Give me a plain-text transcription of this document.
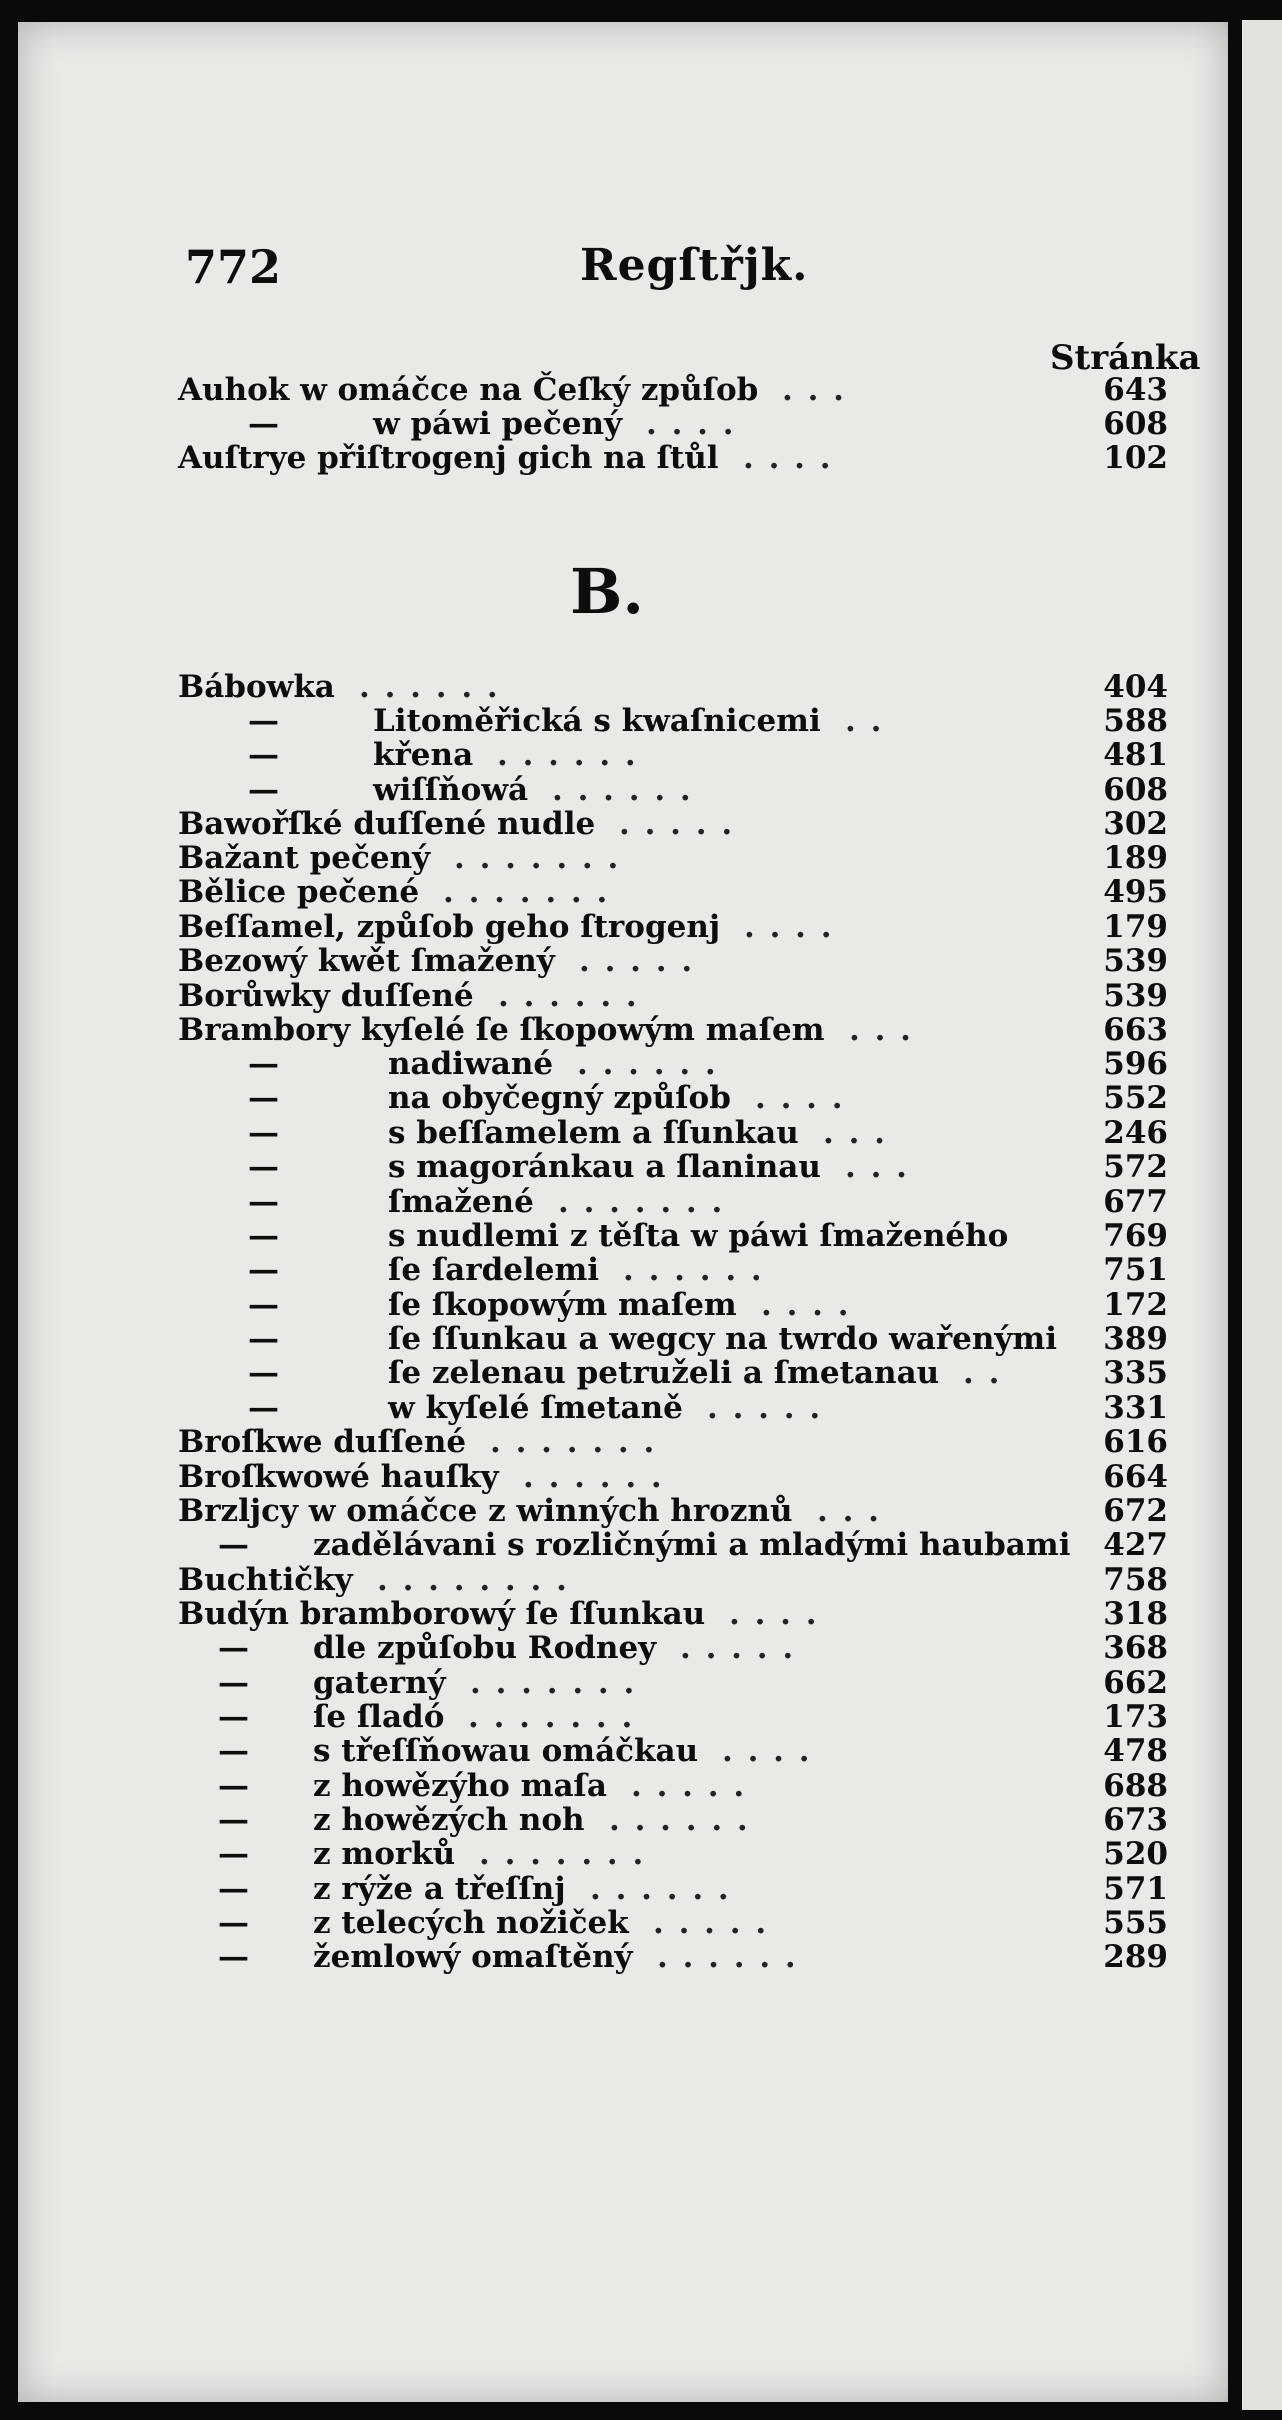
772	Regſtřjk.
Stránka
B.
Auhok w omáčce na Čeſký způſob . . .	643
—	w páwi pečený . . . .	608
Auſtrye přiſtrogenj gich na ſtůl . . . .	102
Bábowka . . . . . .	404
—	Litoměřická s kwaſnicemi . .	588
—	křena . . . . . .	481
—	wiſſňowá . . . . . .	608
Bawořſké duſſené nudle . . . . .	302
Bažant pečený . . . . . . .	189
Bělice pečené . . . . . . .	495
Beſſamel, způſob geho ſtrogenj . . . .	179
Bezowý kwět ſmažený . . . . .	539
Borůwky duſſené . . . . . .	539
Brambory kyſelé ſe ſkopowým maſem . . .	663
—	nadiwané . . . . . .	596
—	na obyčegný způſob . . . .	552
—	s beſſamelem a ſſunkau . . .	246
—	s magoránkau a ſlaninau . . .	572
—	ſmažené . . . . . . .	677
—	s nudlemi z těſta w páwi ſmaženého	769
—	ſe ſardelemi . . . . . .	751
—	ſe ſkopowým maſem . . . .	172
—	ſe ſſunkau a wegcy na twrdo wařenými	389
—	ſe zelenau petruželi a ſmetanau . .	335
—	w kyſelé ſmetaně . . . . .	331
Broſkwe duſſené . . . . . . .	616
Broſkwowé hauſky . . . . . .	664
Brzljcy w omáčce z winných hroznů . . .	672
— zadělávani s rozličnými a mladými haubami	427
Buchtičky . . . . . . . .	758
Budýn bramborowý ſe ſſunkau . . . .	318
— dle způſobu Rodney . . . . .	368
— gaterný . . . . . . .	662
— ſe ſladó . . . . . . .	173
— s třeſſňowau omáčkau . . . .	478
— z howězýho maſa . . . . .	688
— z howězých noh . . . . . .	673
— z morků . . . . . . .	520
— z rýže a třeſſnj . . . . . .	571
— z telecých nožiček . . . . .	555
— žemlowý omaſtěný . . . . . .	289
